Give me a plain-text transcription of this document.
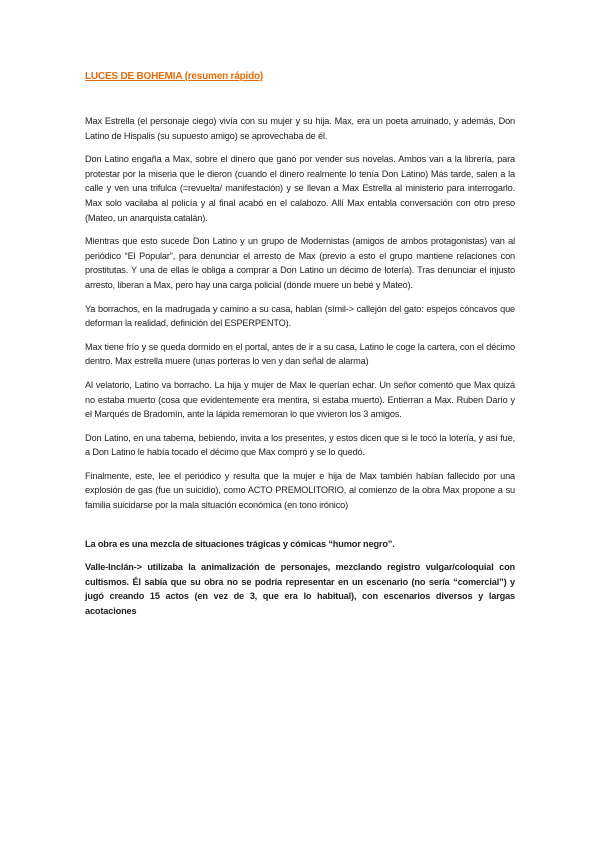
LUCES DE BOHEMIA (resumen rápido)

Max Estrella (el personaje ciego) vivía con su mujer y su hija. Max, era un poeta arruinado, y además, Don Latino de Hispalis (su supuesto amigo) se aprovechaba de él.

Don Latino engaña a Max, sobre el dinero que ganó por vender sus novelas. Ambos van a la librería, para protestar por la miseria que le dieron (cuando el dinero realmente lo tenía Don Latino) Más tarde, salen a la calle y ven una trifulca (=revuelta/ manifestación) y se llevan a Max Estrella al ministerio para interrogarlo. Max solo vacilaba al policía y al final acabó en el calabozo. Allí Max entabla conversación con otro preso (Mateo, un anarquista catalán).

Mientras que esto sucede Don Latino y un grupo de Modernistas (amigos de ambos protagonistas) van al periódico “El Popular”, para denunciar el arresto de Max (previo a esto el grupo mantiene relaciones con prostitutas. Y una de ellas le obliga a comprar a Don Latino un décimo de lotería). Tras denunciar el injusto arresto, liberan a Max, pero hay una carga policial (donde muere un bebé y Mateo).

Ya borrachos, en la madrugada y camino a su casa, hablan (símil-> callejón del gato: espejos cóncavos que deforman la realidad, definición del ESPERPENTO).

Max tiene frío y se queda dormido en el portal, antes de ir a su casa, Latino le coge la cartera, con el décimo dentro. Max estrella muere (unas porteras lo ven y dan señal de alarma)

Al velatorio, Latino va borracho. La hija y mujer de Max le querían echar. Un señor comentó que Max quizá no estaba muerto (cosa que evidentemente era mentira, si estaba muerto). Entierran a Max. Ruben Darío y el Marqués de Bradomín, ante la lápida rememoran lo que vivieron los 3 amigos.

Don Latino, en una taberna, bebiendo, invita a los presentes, y estos dicen que si le tocó la lotería, y así fue, a Don Latino le había tocado el décimo que Max compró y se lo quedó.

Finalmente, este, lee el periódico y resulta que la mujer e hija de Max también habían fallecido por una explosión de gas (fue un suicidio), como ACTO PREMOLITORIO, al comienzo de la obra Max propone a su familia suicidarse por la mala situación económica (en tono irónico)

La obra es una mezcla de situaciones trágicas y cómicas “humor negro”.

Valle-Inclán-> utilizaba la animalización de personajes, mezclando registro vulgar/coloquial con cultismos. Él sabía que su obra no se podría representar en un escenario (no sería “comercial”) y jugó creando 15 actos (en vez de 3, que era lo habitual), con escenarios diversos y largas acotaciones
